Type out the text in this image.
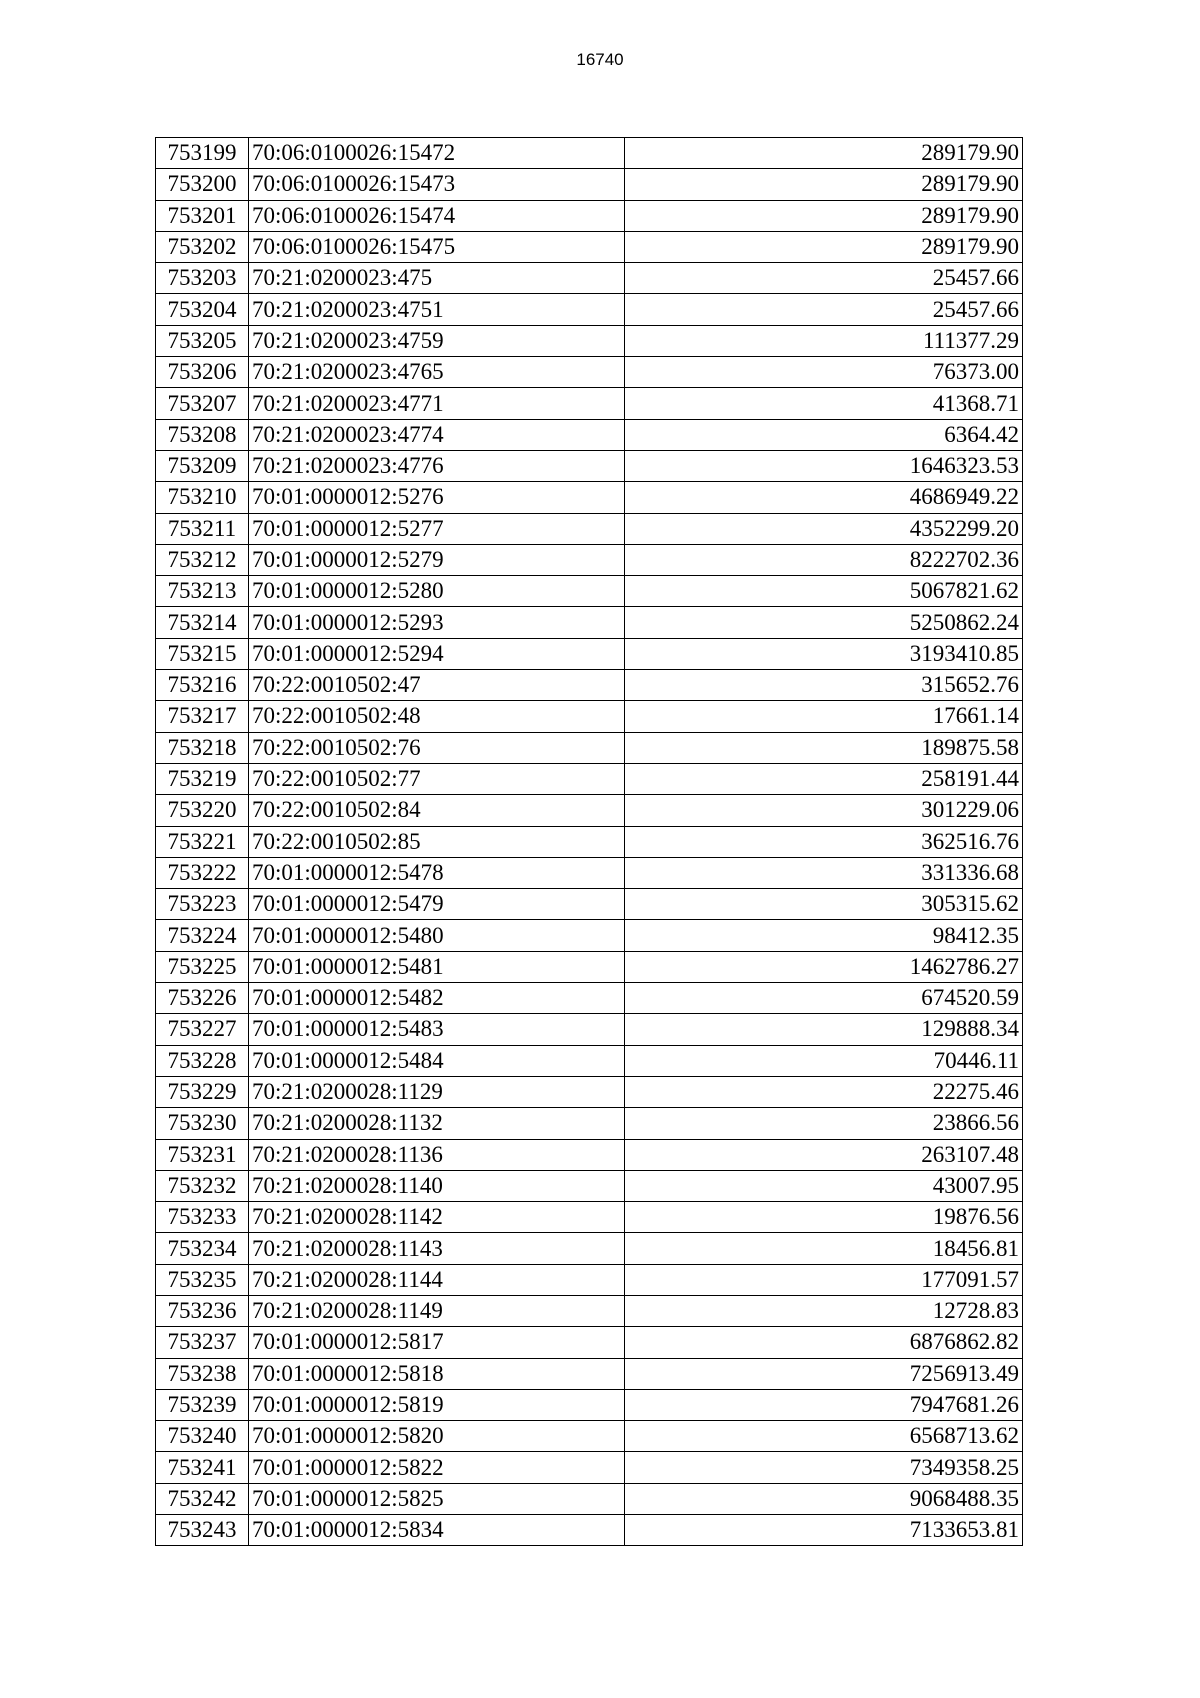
16740
753199	70:06:0100026:15472	289179.90
753200	70:06:0100026:15473	289179.90
753201	70:06:0100026:15474	289179.90
753202	70:06:0100026:15475	289179.90
753203	70:21:0200023:475	25457.66
753204	70:21:0200023:4751	25457.66
753205	70:21:0200023:4759	111377.29
753206	70:21:0200023:4765	76373.00
753207	70:21:0200023:4771	41368.71
753208	70:21:0200023:4774	6364.42
753209	70:21:0200023:4776	1646323.53
753210	70:01:0000012:5276	4686949.22
753211	70:01:0000012:5277	4352299.20
753212	70:01:0000012:5279	8222702.36
753213	70:01:0000012:5280	5067821.62
753214	70:01:0000012:5293	5250862.24
753215	70:01:0000012:5294	3193410.85
753216	70:22:0010502:47	315652.76
753217	70:22:0010502:48	17661.14
753218	70:22:0010502:76	189875.58
753219	70:22:0010502:77	258191.44
753220	70:22:0010502:84	301229.06
753221	70:22:0010502:85	362516.76
753222	70:01:0000012:5478	331336.68
753223	70:01:0000012:5479	305315.62
753224	70:01:0000012:5480	98412.35
753225	70:01:0000012:5481	1462786.27
753226	70:01:0000012:5482	674520.59
753227	70:01:0000012:5483	129888.34
753228	70:01:0000012:5484	70446.11
753229	70:21:0200028:1129	22275.46
753230	70:21:0200028:1132	23866.56
753231	70:21:0200028:1136	263107.48
753232	70:21:0200028:1140	43007.95
753233	70:21:0200028:1142	19876.56
753234	70:21:0200028:1143	18456.81
753235	70:21:0200028:1144	177091.57
753236	70:21:0200028:1149	12728.83
753237	70:01:0000012:5817	6876862.82
753238	70:01:0000012:5818	7256913.49
753239	70:01:0000012:5819	7947681.26
753240	70:01:0000012:5820	6568713.62
753241	70:01:0000012:5822	7349358.25
753242	70:01:0000012:5825	9068488.35
753243	70:01:0000012:5834	7133653.81
